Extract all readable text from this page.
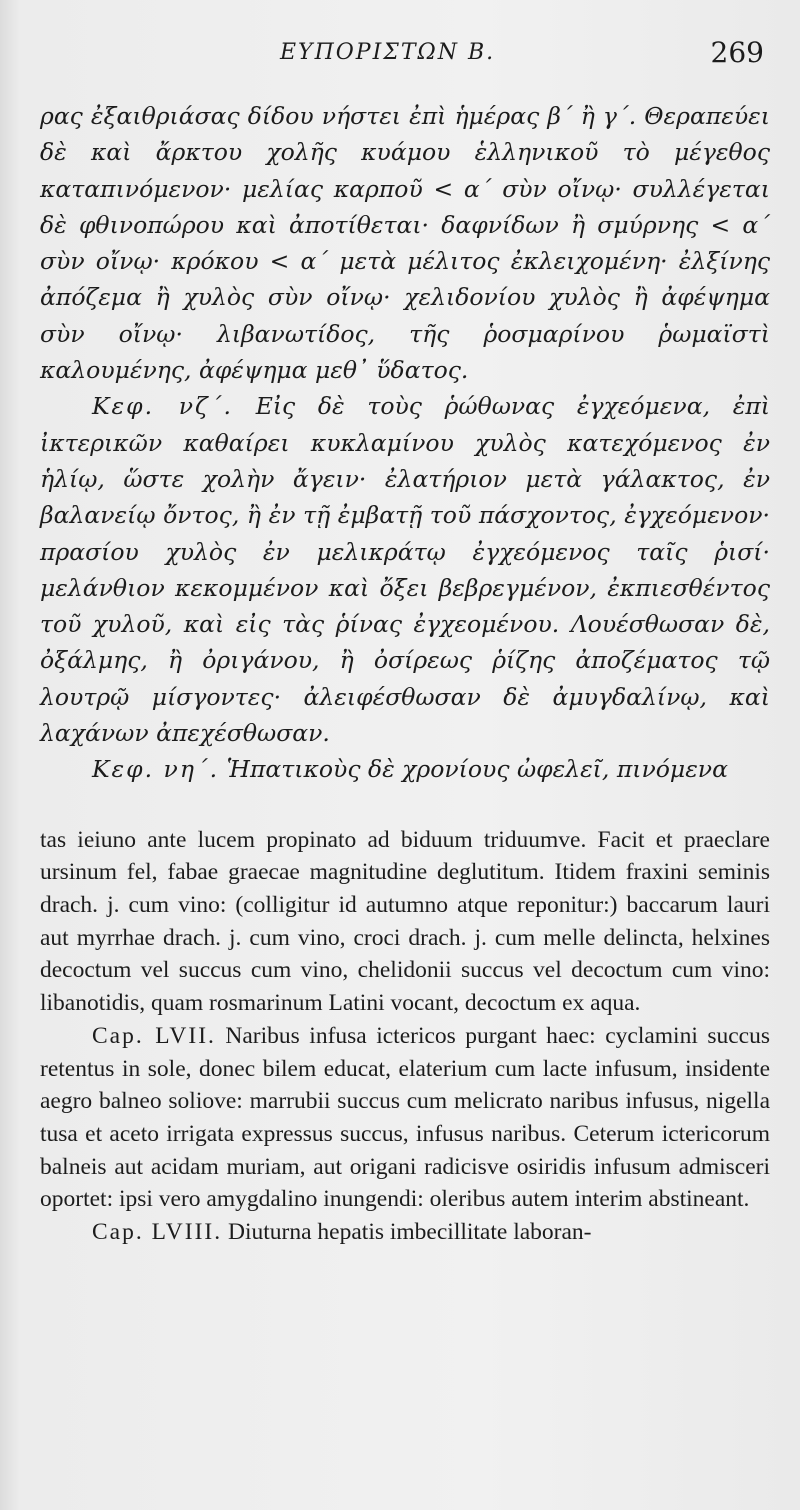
ΕΥΠΟΡΙΣΤΩΝ Β.	269

ρας ἐξαιθριάσας δίδου νήστει ἐπὶ ἡμέρας β΄ ἢ γ΄. Θεραπεύει δὲ καὶ ἄρκτου χολῆς κυάμου ἑλληνικοῦ τὸ μέγεθος καταπινόμενον· μελίας καρποῦ < α΄ σὺν οἴνῳ· συλλέγεται δὲ φθινοπώρου καὶ ἀποτίθεται· δαφνίδων ἢ σμύρνης < α΄ σὺν οἴνῳ· κρόκου < α΄ μετὰ μέλιτος ἐκλειχομένη· ἐλξίνης ἀπόζεμα ἢ χυλὸς σὺν οἴνῳ· χελιδονίου χυλὸς ἢ ἀφέψημα σὺν οἴνῳ· λιβανωτίδος, τῆς ῥοσμαρίνου ῥωμαϊστὶ καλουμένης, ἀφέψημα μεθ᾽ ὕδατος.

Κεφ. νζ΄. Εἰς δὲ τοὺς ῥώθωνας ἐγχεόμενα, ἐπὶ ἰκτερικῶν καθαίρει κυκλαμίνου χυλὸς κατεχόμενος ἐν ἡλίῳ, ὥστε χολὴν ἄγειν· ἐλατήριον μετὰ γάλακτος, ἐν βαλανείῳ ὄντος, ἢ ἐν τῇ ἐμβατῇ τοῦ πάσχοντος, ἐγχεόμενον· πρασίου χυλὸς ἐν μελικράτῳ ἐγχεόμενος ταῖς ῥισί· μελάνθιον κεκομμένον καὶ ὄξει βεβρεγμένον, ἐκπιεσθέντος τοῦ χυλοῦ, καὶ εἰς τὰς ῥίνας ἐγχεομένου. Λουέσθωσαν δὲ, ὀξάλμης, ἢ ὀριγάνου, ἢ ὀσίρεως ῥίζης ἀποζέματος τῷ λουτρῷ μίσγοντες· ἀλειφέσθωσαν δὲ ἀμυγδαλίνῳ, καὶ λαχάνων ἀπεχέσθωσαν.

Κεφ. νη΄. Ἡπατικοὺς δὲ χρονίους ὠφελεῖ, πινόμενα

tas ieiuno ante lucem propinato ad biduum triduumve. Facit et praeclare ursinum fel, fabae graecae magnitudine deglutitum. Itidem fraxini seminis drach. j. cum vino: (colligitur id autumno atque reponitur:) baccarum lauri aut myrrhae drach. j. cum vino, croci drach. j. cum melle delincta, helxines decoctum vel succus cum vino, chelidonii succus vel decoctum cum vino: libanotidis, quam rosmarinum Latini vocant, decoctum ex aqua.

Cap. LVII. Naribus infusa ictericos purgant haec: cyclamini succus retentus in sole, donec bilem educat, elaterium cum lacte infusum, insidente aegro balneo soliove: marrubii succus cum melicrato naribus infusus, nigella tusa et aceto irrigata expressus succus, infusus naribus. Ceterum ictericorum balneis aut acidam muriam, aut origani radicisve osiridis infusum admisceri oportet: ipsi vero amygdalino inungendi: oleribus autem interim abstineant.

Cap. LVIII. Diuturna hepatis imbecillitate laboran-
